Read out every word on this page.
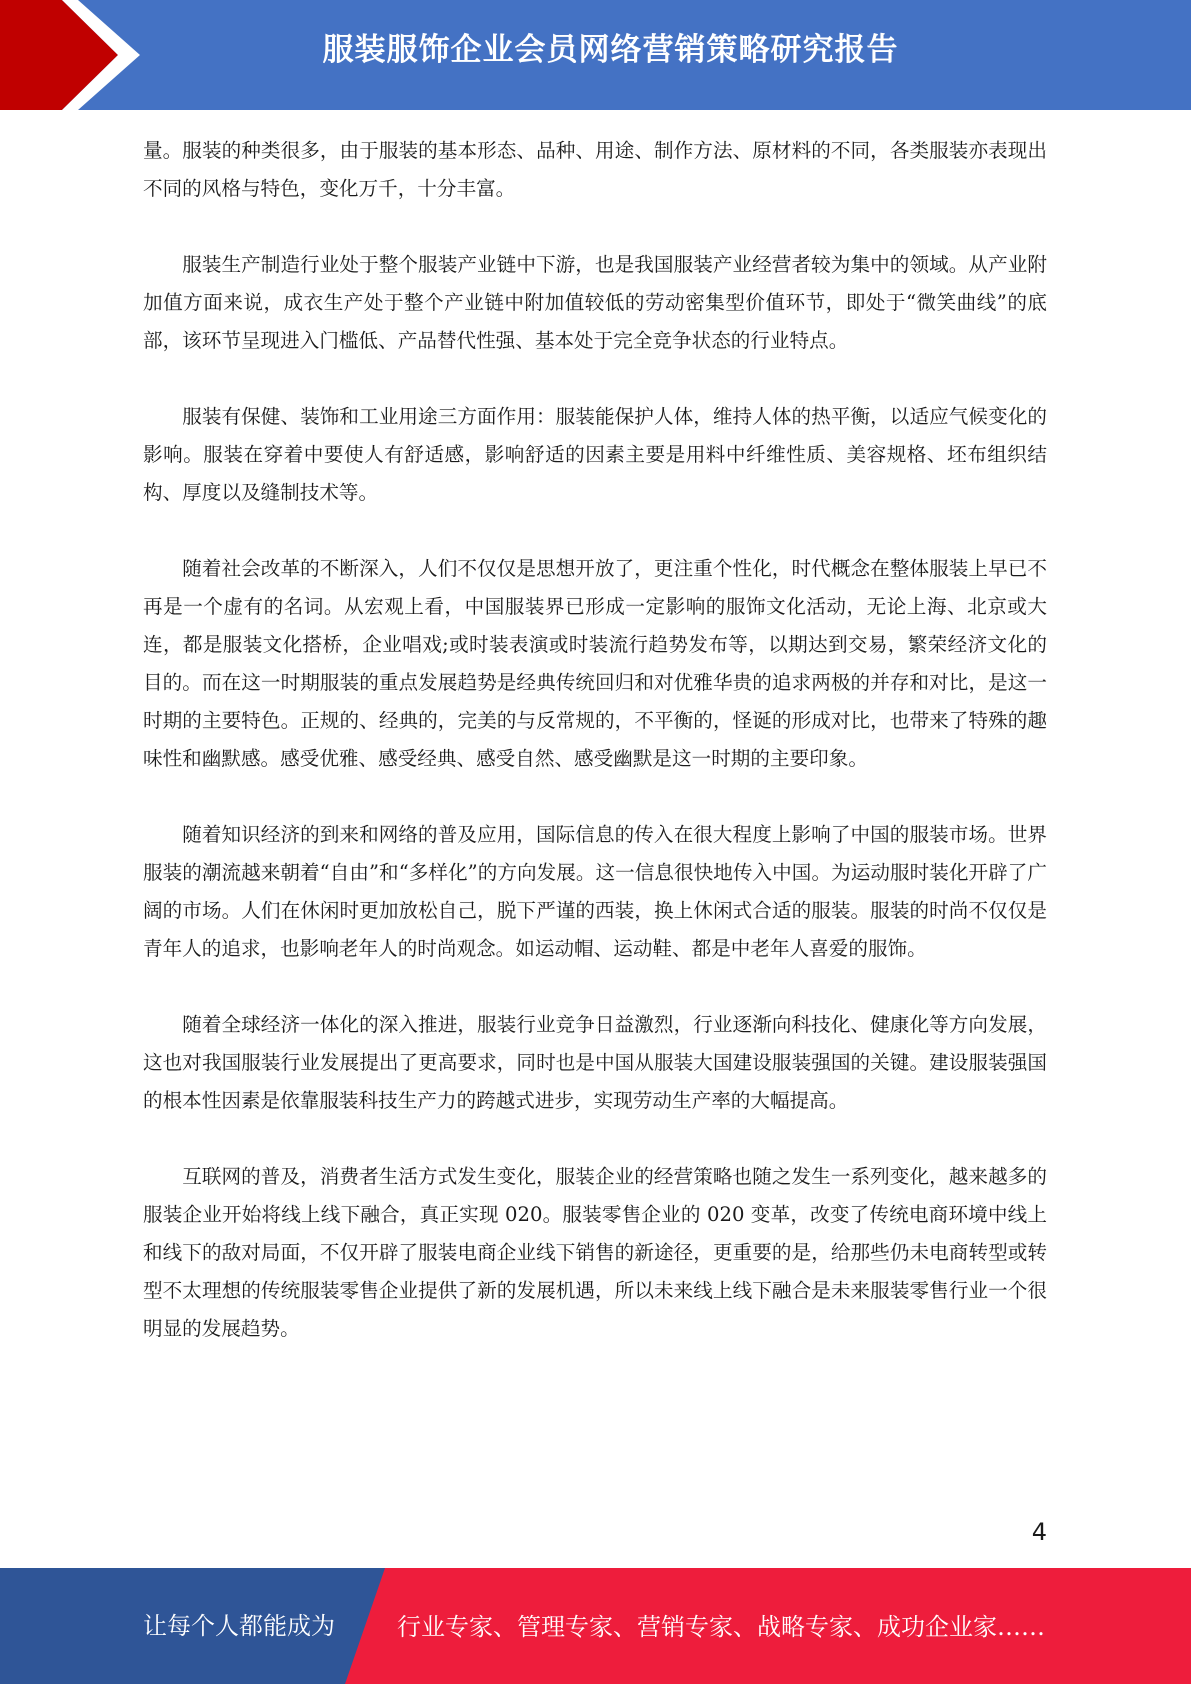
服装服饰企业会员网络营销策略研究报告

量。服装的种类很多，由于服装的基本形态、品种、用途、制作方法、原材料的不同，各类服装亦表现出不同的风格与特色，变化万千，十分丰富。

服装生产制造行业处于整个服装产业链中下游，也是我国服装产业经营者较为集中的领域。从产业附加值方面来说，成衣生产处于整个产业链中附加值较低的劳动密集型价值环节，即处于“微笑曲线”的底部，该环节呈现进入门槛低、产品替代性强、基本处于完全竞争状态的行业特点。

服装有保健、装饰和工业用途三方面作用：服装能保护人体，维持人体的热平衡，以适应气候变化的影响。服装在穿着中要使人有舒适感，影响舒适的因素主要是用料中纤维性质、美容规格、坯布组织结构、厚度以及缝制技术等。

随着社会改革的不断深入，人们不仅仅是思想开放了，更注重个性化，时代概念在整体服装上早已不再是一个虚有的名词。从宏观上看，中国服装界已形成一定影响的服饰文化活动，无论上海、北京或大连，都是服装文化搭桥，企业唱戏;或时装表演或时装流行趋势发布等，以期达到交易，繁荣经济文化的目的。而在这一时期服装的重点发展趋势是经典传统回归和对优雅华贵的追求两极的并存和对比，是这一时期的主要特色。正规的、经典的，完美的与反常规的，不平衡的，怪诞的形成对比，也带来了特殊的趣味性和幽默感。感受优雅、感受经典、感受自然、感受幽默是这一时期的主要印象。

随着知识经济的到来和网络的普及应用，国际信息的传入在很大程度上影响了中国的服装市场。世界服装的潮流越来朝着“自由”和“多样化”的方向发展。这一信息很快地传入中国。为运动服时装化开辟了广阔的市场。人们在休闲时更加放松自己，脱下严谨的西装，换上休闲式合适的服装。服装的时尚不仅仅是青年人的追求，也影响老年人的时尚观念。如运动帽、运动鞋、都是中老年人喜爱的服饰。

随着全球经济一体化的深入推进，服装行业竞争日益激烈，行业逐渐向科技化、健康化等方向发展，这也对我国服装行业发展提出了更高要求，同时也是中国从服装大国建设服装强国的关键。建设服装强国的根本性因素是依靠服装科技生产力的跨越式进步，实现劳动生产率的大幅提高。

互联网的普及，消费者生活方式发生变化，服装企业的经营策略也随之发生一系列变化，越来越多的服装企业开始将线上线下融合，真正实现 020。服装零售企业的 020 变革，改变了传统电商环境中线上和线下的敌对局面，不仅开辟了服装电商企业线下销售的新途径，更重要的是，给那些仍未电商转型或转型不太理想的传统服装零售企业提供了新的发展机遇，所以未来线上线下融合是未来服装零售行业一个很明显的发展趋势。

4
让每个人都能成为	行业专家、管理专家、营销专家、战略专家、成功企业家……
